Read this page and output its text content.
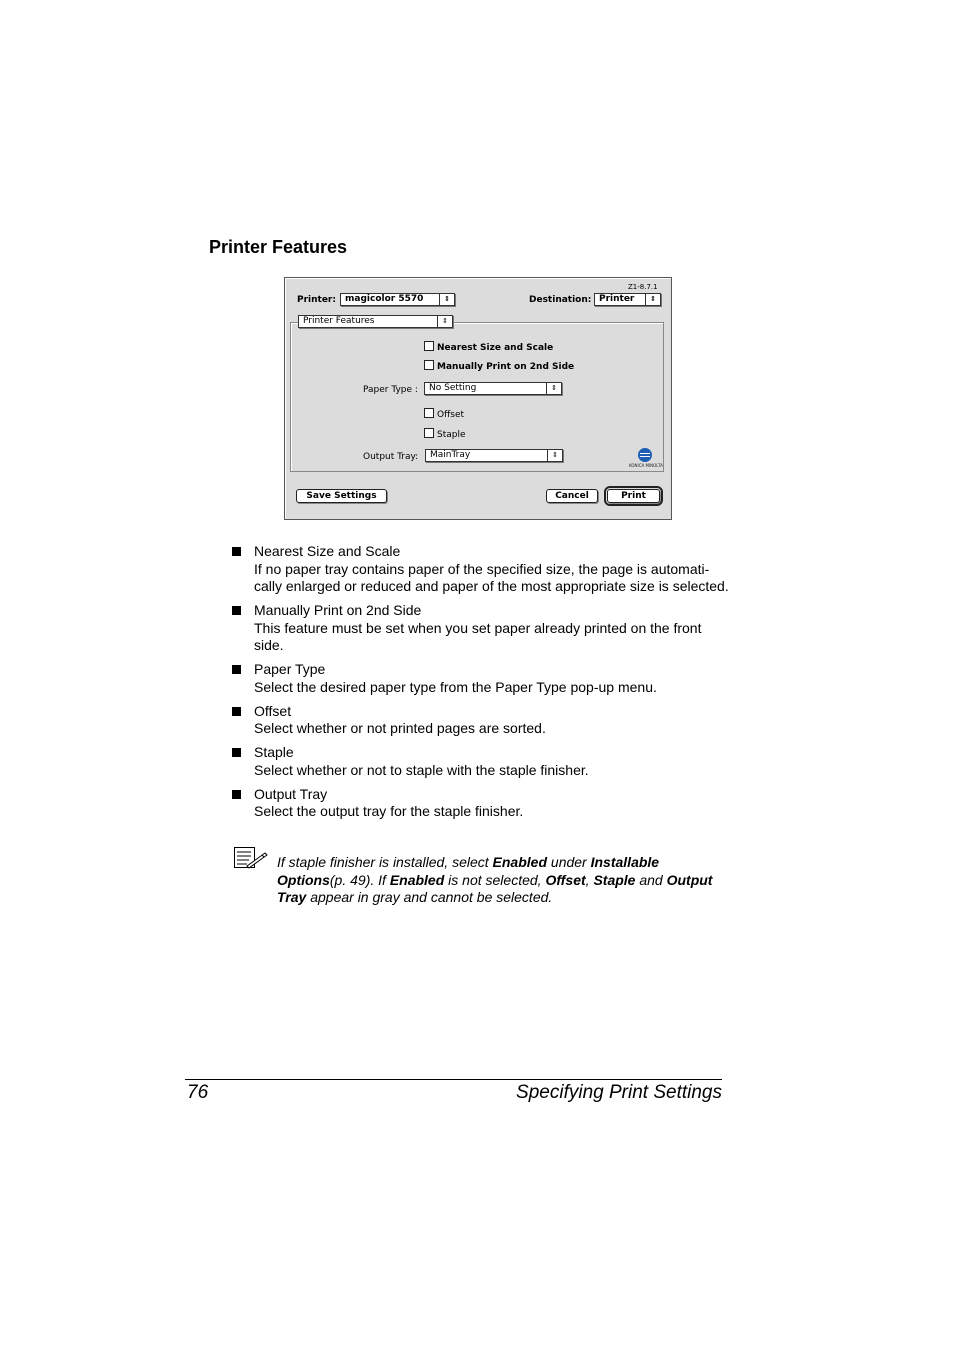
Printer Features
Z1-8.7.1
Printer:	magicolor 5570	⇕	Destination: Printer	⇕
Printer Features	⇕
Nearest Size and Scale
Manually Print on 2nd Side
Paper Type :	No Setting	⇕
Offset
Staple
Output Tray:	MainTray	⇕
KONICA MINOLTA
Save Settings	Cancel	Print
Nearest Size and Scale
If no paper tray contains paper of the specified size, the page is automati-cally enlarged or reduced and paper of the most appropriate size is selected.
Manually Print on 2nd Side
This feature must be set when you set paper already printed on the front side.
Paper Type
Select the desired paper type from the Paper Type pop-up menu.
Offset
Select whether or not printed pages are sorted.
Staple
Select whether or not to staple with the staple finisher.
Output Tray
Select the output tray for the staple finisher.
If staple finisher is installed, select Enabled under Installable Options(p. 49). If Enabled is not selected, Offset, Staple and Output Tray appear in gray and cannot be selected.
76	Specifying Print Settings
